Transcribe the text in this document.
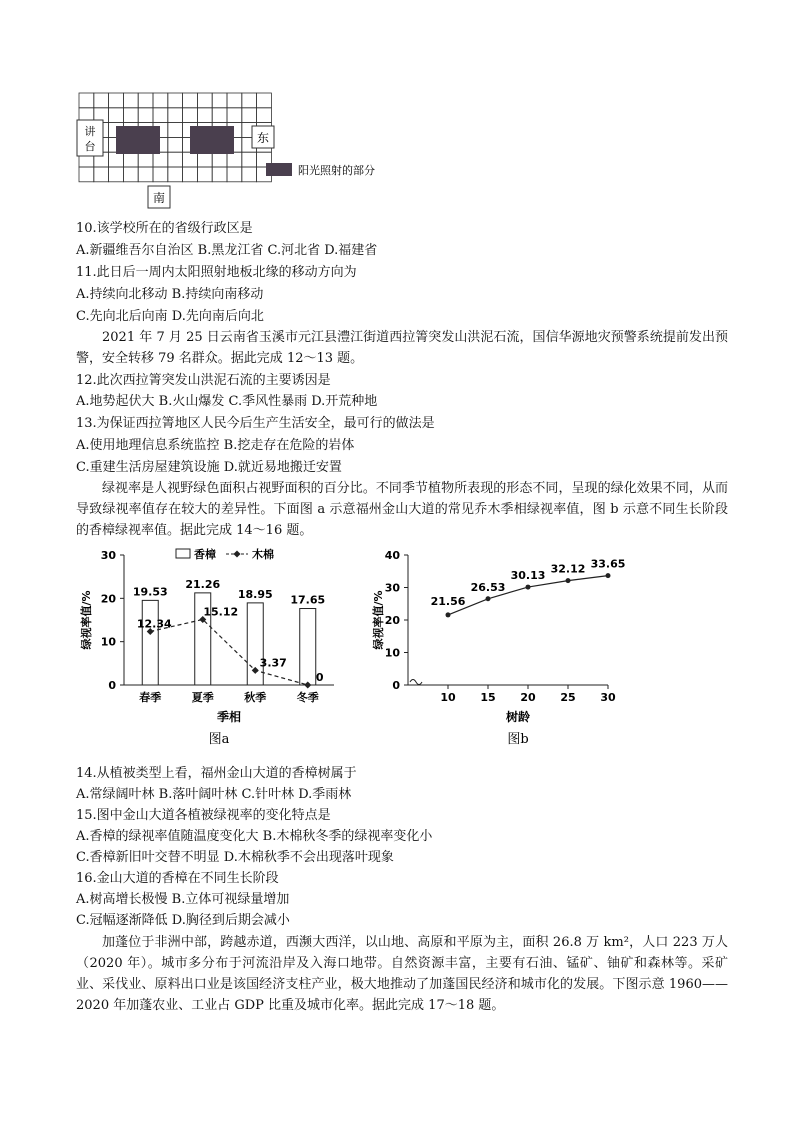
讲
台
东
南
阳光照射的部分
10.该学校所在的省级行政区是
A.新疆维吾尔自治区 B.黑龙江省 C.河北省 D.福建省
11.此日后一周内太阳照射地板北缘的移动方向为
A.持续向北移动 B.持续向南移动
C.先向北后向南 D.先向南后向北
2021 年 7 月 25 日云南省玉溪市元江县澧江街道西拉箐突发山洪泥石流，国信华源地灾预警系统提前发出预警，安全转移 79 名群众。据此完成 12～13 题。
12.此次西拉箐突发山洪泥石流的主要诱因是
A.地势起伏大 B.火山爆发 C.季风性暴雨 D.开荒种地
13.为保证西拉箐地区人民今后生产生活安全，最可行的做法是
A.使用地理信息系统监控 B.挖走存在危险的岩体
C.重建生活房屋建筑设施 D.就近易地搬迁安置
绿视率是人视野绿色面积占视野面积的百分比。不同季节植物所表现的形态不同，呈现的绿化效果不同，从而导致绿视率值存在较大的差异性。下面图 a 示意福州金山大道的常见乔木季相绿视率值，图 b 示意不同生长阶段的香樟绿视率值。据此完成 14～16 题。
0
10
20
30
19.53
春季
21.26
夏季
18.95
秋季
17.65
冬季
12.34
15.12
3.37
0
香樟	木棉
绿视率值/%
季相
图a
0
10
20
30
40
10 15 20 25 30
21.56
26.53
30.13 32.12 33.65
绿视率值/%
树龄
图b
14.从植被类型上看，福州金山大道的香樟树属于
A.常绿阔叶林 B.落叶阔叶林 C.针叶林 D.季雨林
15.图中金山大道各植被绿视率的变化特点是
A.香樟的绿视率值随温度变化大 B.木棉秋冬季的绿视率变化小
C.香樟新旧叶交替不明显 D.木棉秋季不会出现落叶现象
16.金山大道的香樟在不同生长阶段
A.树高增长极慢 B.立体可视绿量增加
C.冠幅逐渐降低 D.胸径到后期会减小
加蓬位于非洲中部，跨越赤道，西濒大西洋，以山地、高原和平原为主，面积 26.8 万 km²，人口 223 万人（2020 年）。城市多分布于河流沿岸及入海口地带。自然资源丰富，主要有石油、锰矿、铀矿和森林等。采矿业、采伐业、原料出口业是该国经济支柱产业，极大地推动了加蓬国民经济和城市化的发展。下图示意 1960——2020 年加蓬农业、工业占 GDP 比重及城市化率。据此完成 17～18 题。
